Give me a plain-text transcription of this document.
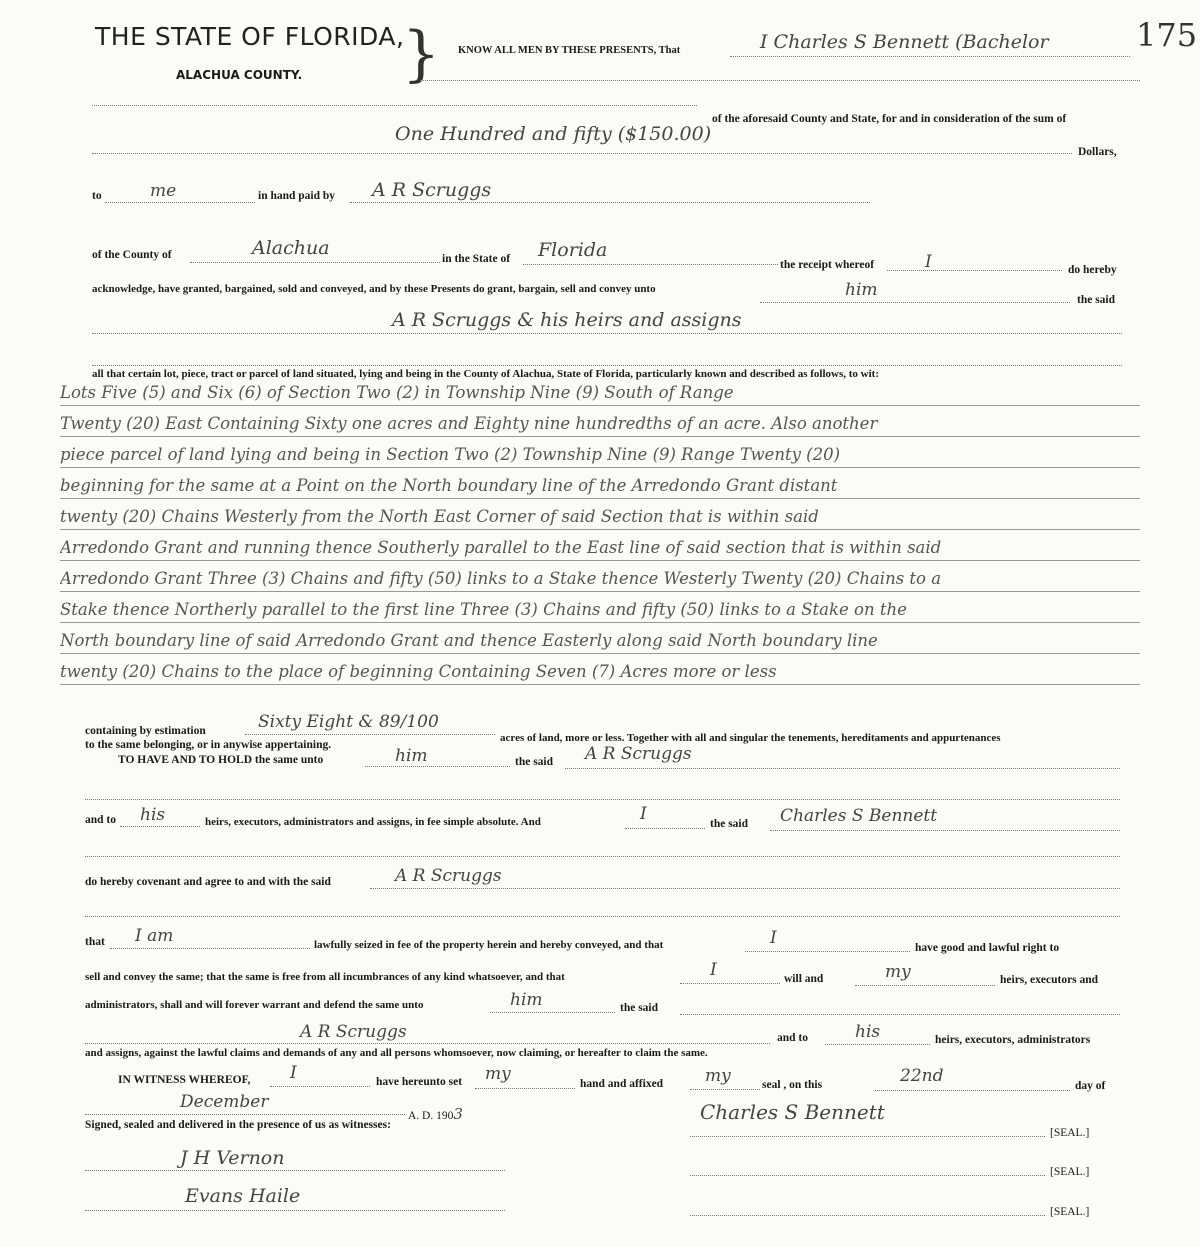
THE STATE OF FLORIDA,
ALACHUA COUNTY. } KNOW ALL MEN BY THESE PRESENTS, That	I Charles S Bennett (Bachelor	175
of the aforesaid County and State, for and in consideration of the sum of
One Hundred and fifty ($150.00)
Dollars,
to	me	in hand paid by A R Scruggs
of the County of	Alachua	in the State of Florida
the receipt whereof	I	do hereby
acknowledge, have granted, bargained, sold and conveyed, and by these Presents do grant, bargain, sell and convey unto	him	the said
A R Scruggs & his heirs and assigns
all that certain lot, piece, tract or parcel of land situated, lying and being in the County of Alachua, State of Florida, particularly known and described as follows, to wit:
Lots Five (5) and Six (6) of Section Two (2) in Township Nine (9) South of Range
Twenty (20) East Containing Sixty one acres and Eighty nine hundredths of an acre. Also another
piece parcel of land lying and being in Section Two (2) Township Nine (9) Range Twenty (20)
beginning for the same at a Point on the North boundary line of the Arredondo Grant distant
twenty (20) Chains Westerly from the North East Corner of said Section that is within said
Arredondo Grant and running thence Southerly parallel to the East line of said section that is within said
Arredondo Grant Three (3) Chains and fifty (50) links to a Stake thence Westerly Twenty (20) Chains to a
Stake thence Northerly parallel to the first line Three (3) Chains and fifty (50) links to a Stake on the
North boundary line of said Arredondo Grant and thence Easterly along said North boundary line
twenty (20) Chains to the place of beginning Containing Seven (7) Acres more or less
containing by estimation	Sixty Eight & 89/100
acres of land, more or less. Together with all and singular the tenements, hereditaments and appurtenances
to the same belonging, or in anywise appertaining.
TO HAVE AND TO HOLD the same unto	him	the said A R Scruggs
and to his	heirs, executors, administrators and assigns, in fee simple absolute. And	I	the said Charles S Bennett
do hereby covenant and agree to and with the said	A R Scruggs
that I am	lawfully seized in fee of the property herein and hereby conveyed, and that	I	have good and lawful right to
sell and convey the same; that the same is free from all incumbrances of any kind whatsoever, and that	I	will and	my	heirs, executors and
administrators, shall and will forever warrant and defend the same unto	him	the said
A R Scruggs	and to	his	heirs, executors, administrators
and assigns, against the lawful claims and demands of any and all persons whomsoever, now claiming, or hereafter to claim the same.
IN WITNESS WHEREOF, I	have hereunto set my	hand and affixed my	seal , on this	22nd	day of
December
A. D. 1903
Signed, sealed and delivered in the presence of us as witnesses:
Charles S Bennett
[SEAL.]
J H Vernon
[SEAL.]
Evans Haile
[SEAL.]
